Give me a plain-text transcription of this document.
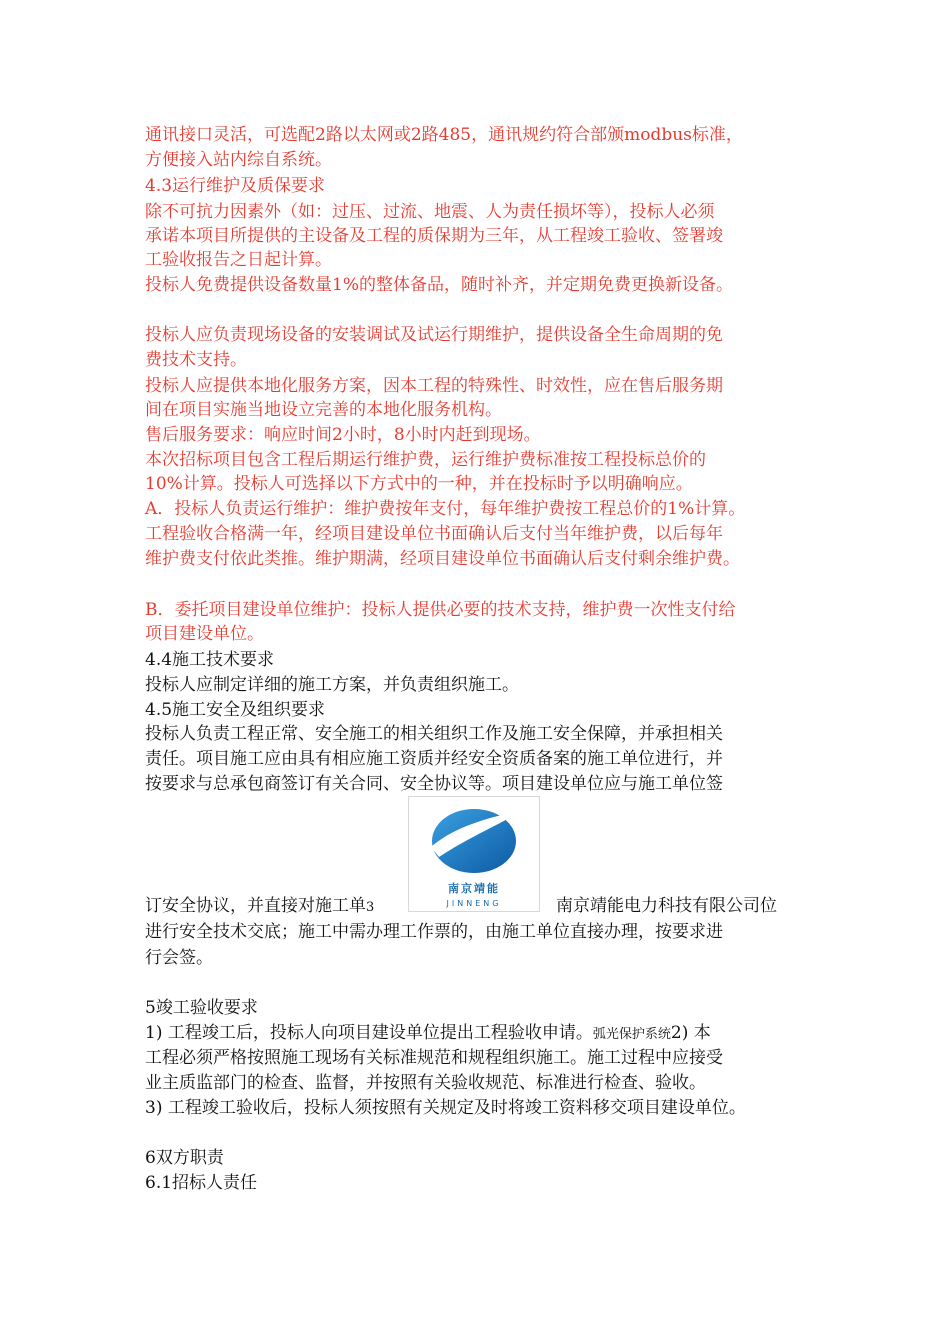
通讯接口灵活，可选配2路以太网或2路485，通讯规约符合部颁modbus标准，

方便接入站内综自系统。

4.3运行维护及质保要求

除不可抗力因素外（如：过压、过流、地震、人为责任损坏等），投标人必须

承诺本项目所提供的主设备及工程的质保期为三年，从工程竣工验收、签署竣

工验收报告之日起计算。

投标人免费提供设备数量1%的整体备品，随时补齐，并定期免费更换新设备。

投标人应负责现场设备的安装调试及试运行期维护，提供设备全生命周期的免

费技术支持。

投标人应提供本地化服务方案，因本工程的特殊性、时效性，应在售后服务期

间在项目实施当地设立完善的本地化服务机构。

售后服务要求：响应时间2小时，8小时内赶到现场。

本次招标项目包含工程后期运行维护费，运行维护费标准按工程投标总价的

10%计算。投标人可选择以下方式中的一种，并在投标时予以明确响应。

A．投标人负责运行维护：维护费按年支付，每年维护费按工程总价的1%计算。

工程验收合格满一年，经项目建设单位书面确认后支付当年维护费，以后每年

维护费支付依此类推。维护期满，经项目建设单位书面确认后支付剩余维护费。

B．委托项目建设单位维护：投标人提供必要的技术支持，维护费一次性支付给

项目建设单位。

4.4施工技术要求

投标人应制定详细的施工方案，并负责组织施工。

4.5施工安全及组织要求

投标人负责工程正常、安全施工的相关组织工作及施工安全保障，并承担相关

责任。项目施工应由具有相应施工资质并经安全资质备案的施工单位进行，并

按要求与总承包商签订有关合同、安全协议等。项目建设单位应与施工单位签

南京靖能
JINNENG

订安全协议，并直接对施工单3	南京靖能电力科技有限公司位

进行安全技术交底；施工中需办理工作票的，由施工单位直接办理，按要求进

行会签。

5竣工验收要求

1) 工程竣工后，投标人向项目建设单位提出工程验收申请。弧光保护系统2) 本

工程必须严格按照施工现场有关标准规范和规程组织施工。施工过程中应接受

业主质监部门的检查、监督，并按照有关验收规范、标准进行检查、验收。

3) 工程竣工验收后，投标人须按照有关规定及时将竣工资料移交项目建设单位。

6双方职责

6.1招标人责任
